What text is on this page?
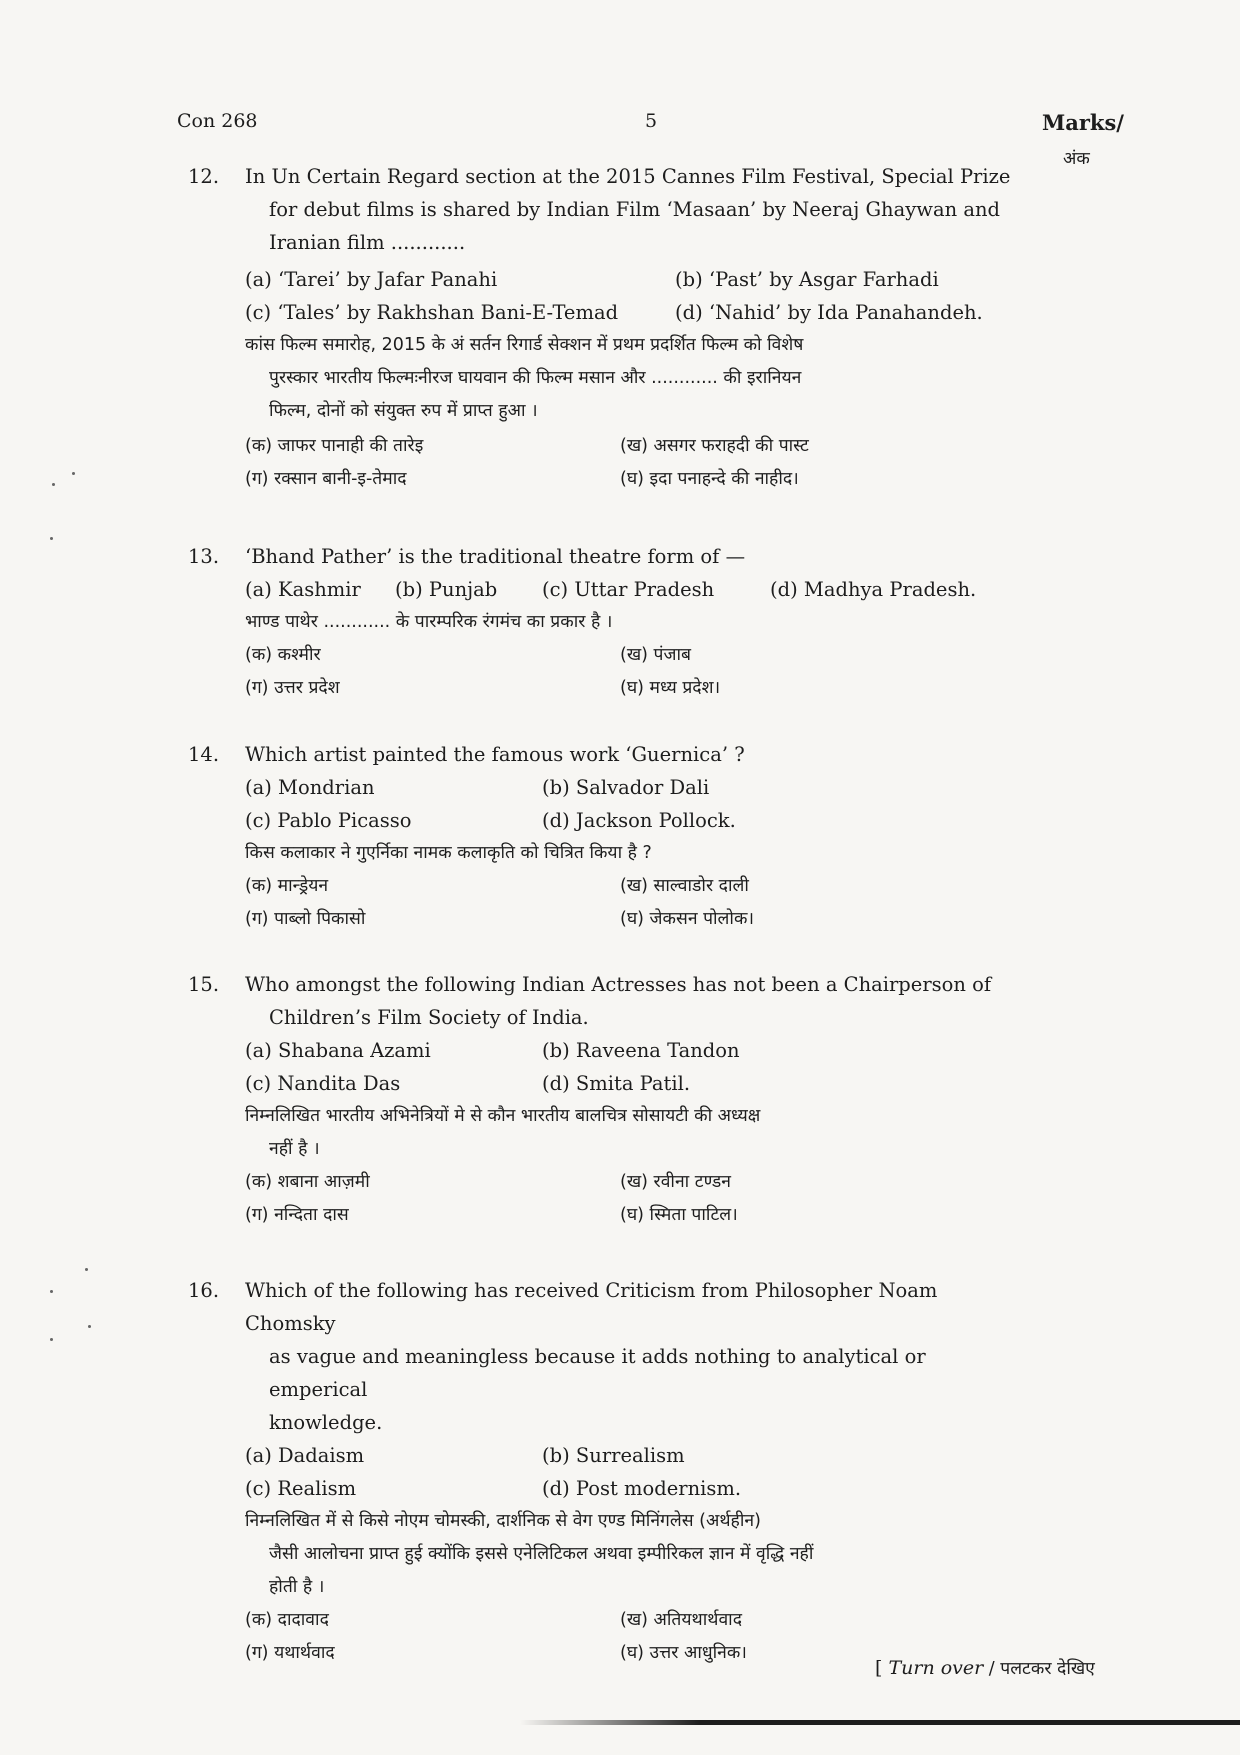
Con 268	5	Marks/
अंक
12. In Un Certain Regard section at the 2015 Cannes Film Festival, Special Prize
for debut films is shared by Indian Film ‘Masaan’ by Neeraj Ghaywan and
Iranian film ............
(a) ‘Tarei’ by Jafar Panahi	(b) ‘Past’ by Asgar Farhadi
(c) ‘Tales’ by Rakhshan Bani-E-Temad	(d) ‘Nahid’ by Ida Panahandeh.
कांस फिल्म समारोह, 2015 के अं सर्तन रिगार्ड सेक्शन में प्रथम प्रदर्शित फिल्म को विशेष
पुरस्कार भारतीय फिल्मःनीरज घायवान की फिल्म मसान और ............ की इरानियन
फिल्म, दोनों को संयुक्त रुप में प्राप्त हुआ ।
(क) जाफर पानाही की तारेइ	(ख) असगर फराहदी की पास्ट
(ग) रक्सान बानी-इ-तेमाद	(घ) इदा पनाहन्दे की नाहीद।
13. ‘Bhand Pather’ is the traditional theatre form of —
(a) Kashmir (b) Punjab (c) Uttar Pradesh	(d) Madhya Pradesh.
भाण्ड पाथेर ............ के पारम्परिक रंगमंच का प्रकार है ।
(क) कश्मीर	(ख) पंजाब
(ग) उत्तर प्रदेश	(घ) मध्य प्रदेश।
14. Which artist painted the famous work ‘Guernica’ ?
(a) Mondrian	(b) Salvador Dali
(c) Pablo Picasso	(d) Jackson Pollock.
किस कलाकार ने गुएर्निका नामक कलाकृति को चित्रित किया है ?
(क) मान्ड्रेयन	(ख) साल्वाडोर दाली
(ग) पाब्लो पिकासो	(घ) जेकसन पोलोक।
15. Who amongst the following Indian Actresses has not been a Chairperson of
Children’s Film Society of India.
(a) Shabana Azami	(b) Raveena Tandon
(c) Nandita Das	(d) Smita Patil.
निम्नलिखित भारतीय अभिनेत्रियों मे से कौन भारतीय बालचित्र सोसायटी की अध्यक्ष
नहीं है ।
(क) शबाना आज़मी	(ख) रवीना टण्डन
(ग) नन्दिता दास	(घ) स्मिता पाटिल।
16. Which of the following has received Criticism from Philosopher Noam Chomsky
as vague and meaningless because it adds nothing to analytical or emperical
knowledge.
(a) Dadaism	(b) Surrealism
(c) Realism	(d) Post modernism.
निम्नलिखित में से किसे नोएम चोमस्की, दार्शनिक से वेग एण्ड मिनिंगलेस (अर्थहीन)
जैसी आलोचना प्राप्त हुई क्योंकि इससे एनेलिटिकल अथवा इम्पीरिकल ज्ञान में वृद्धि नहीं
होती है ।
(क) दादावाद	(ख) अतियथार्थवाद
(ग) यथार्थवाद	(घ) उत्तर आधुनिक।
[ Turn over / पलटकर देखिए
